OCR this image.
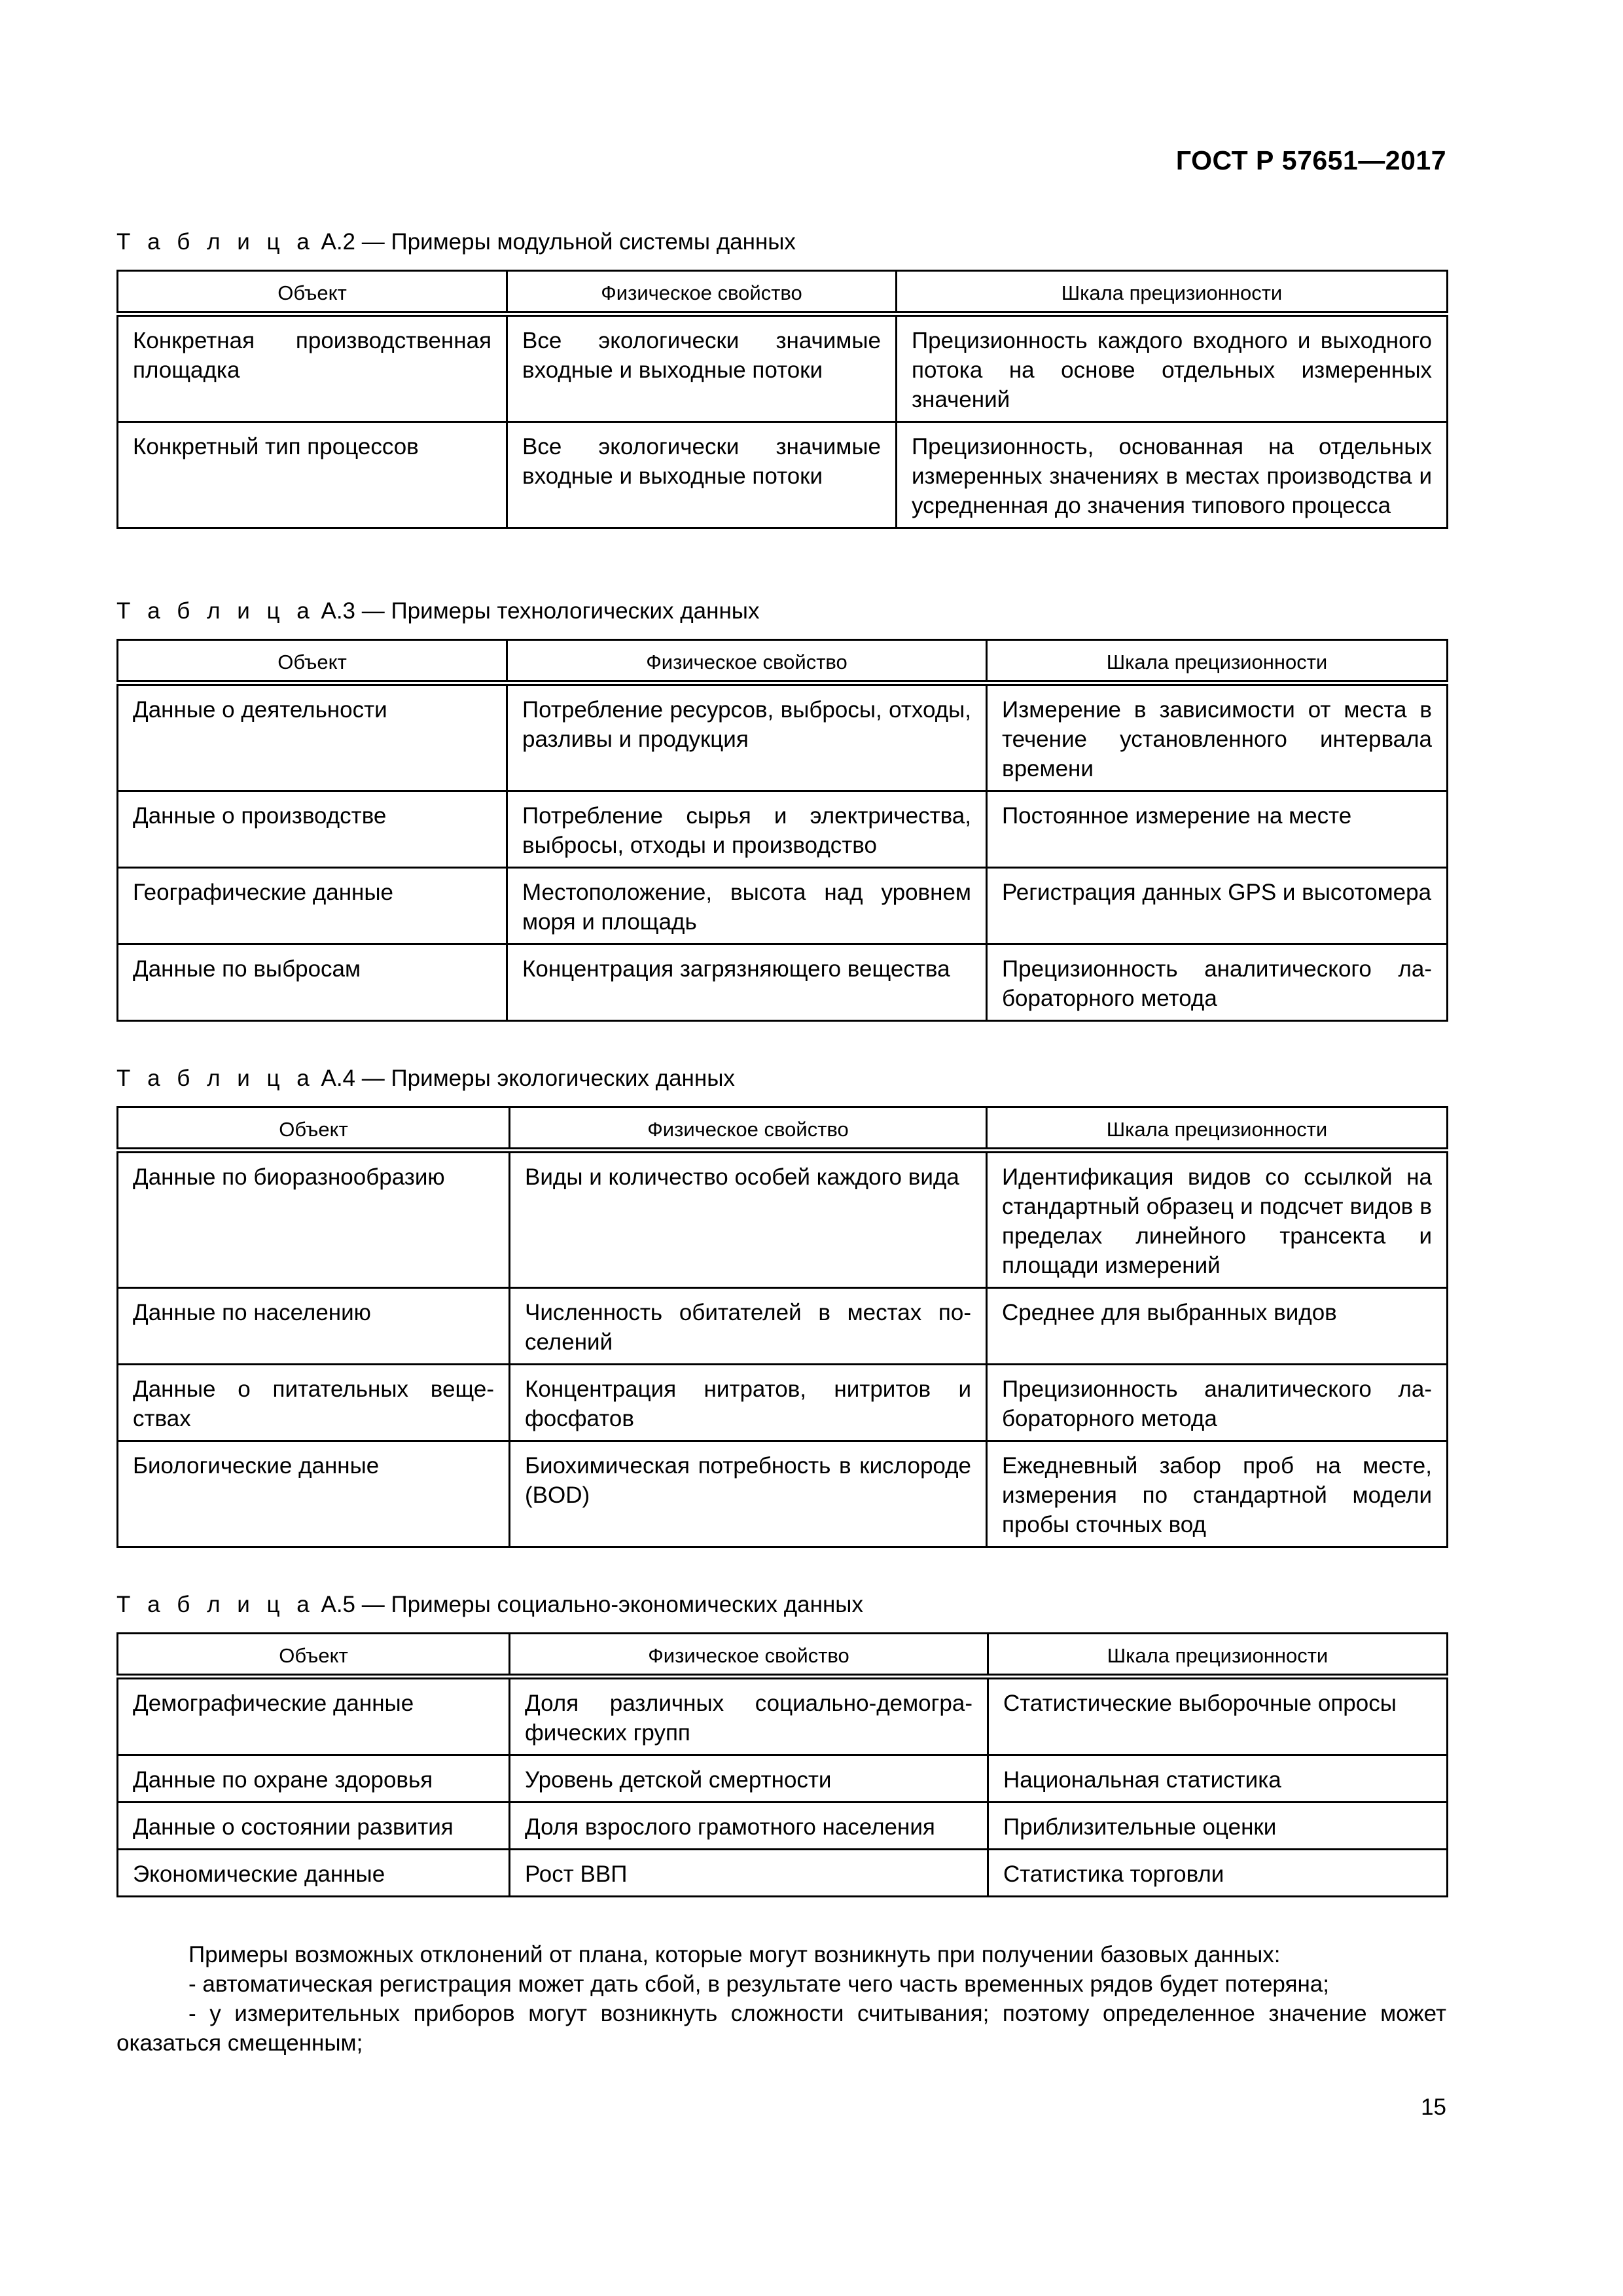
ГОСТ Р 57651—2017
Т а б л и ц а А.2 — Примеры модульной системы данных
Объект	Физическое свойство	Шкала прецизионности
Конкретная производственная площадка	Все экологически значимые входные и выходные потоки	Прецизионность каждого входного и выходного потока на основе отдельных измеренных значений
Конкретный тип процессов	Все экологически значимые входные и выходные потоки	Прецизионность, основанная на отдельных измеренных значениях в местах производства и усредненная до значения типового процесса
Т а б л и ц а А.3 — Примеры технологических данных
Объект	Физическое свойство	Шкала прецизионности
Данные о деятельности	Потребление ресурсов, выбросы, отходы, разливы и продукция	Измерение в зависимости от места в течение установленного интервала времени
Данные о производстве	Потребление сырья и электричества, выбросы, отходы и производство	Постоянное измерение на месте
Географические данные	Местоположение, высота над уровнем моря и площадь	Регистрация данных GPS и высотомера
Данные по выбросам	Концентрация загрязняющего вещества	Прецизионность аналитического лабораторного метода
Т а б л и ц а А.4 — Примеры экологических данных
Объект	Физическое свойство	Шкала прецизионности
Данные по биоразнообразию	Виды и количество особей каждого вида	Идентификация видов со ссылкой на стандартный образец и подсчет видов в пределах линейного трансекта и площади измерений
Данные по населению	Численность обитателей в местах поселений	Среднее для выбранных видов
Данные о питательных веществах	Концентрация нитратов, нитритов и фосфатов	Прецизионность аналитического лабораторного метода
Биологические данные	Биохимическая потребность в кислороде (BOD)	Ежедневный забор проб на месте, измерения по стандартной модели пробы сточных вод
Т а б л и ц а А.5 — Примеры социально-экономических данных
Объект	Физическое свойство	Шкала прецизионности
Демографические данные	Доля различных социально-демографических групп	Статистические выборочные опросы
Данные по охране здоровья	Уровень детской смертности	Национальная статистика
Данные о состоянии развития	Доля взрослого грамотного населения	Приблизительные оценки
Экономические данные	Рост ВВП	Статистика торговли

Примеры возможных отклонений от плана, которые могут возникнуть при получении базовых данных:

- автоматическая регистрация может дать сбой, в результате чего часть временных рядов будет потеряна;

- у измерительных приборов могут возникнуть сложности считывания; поэтому определенное значение может оказаться смещенным;

15
